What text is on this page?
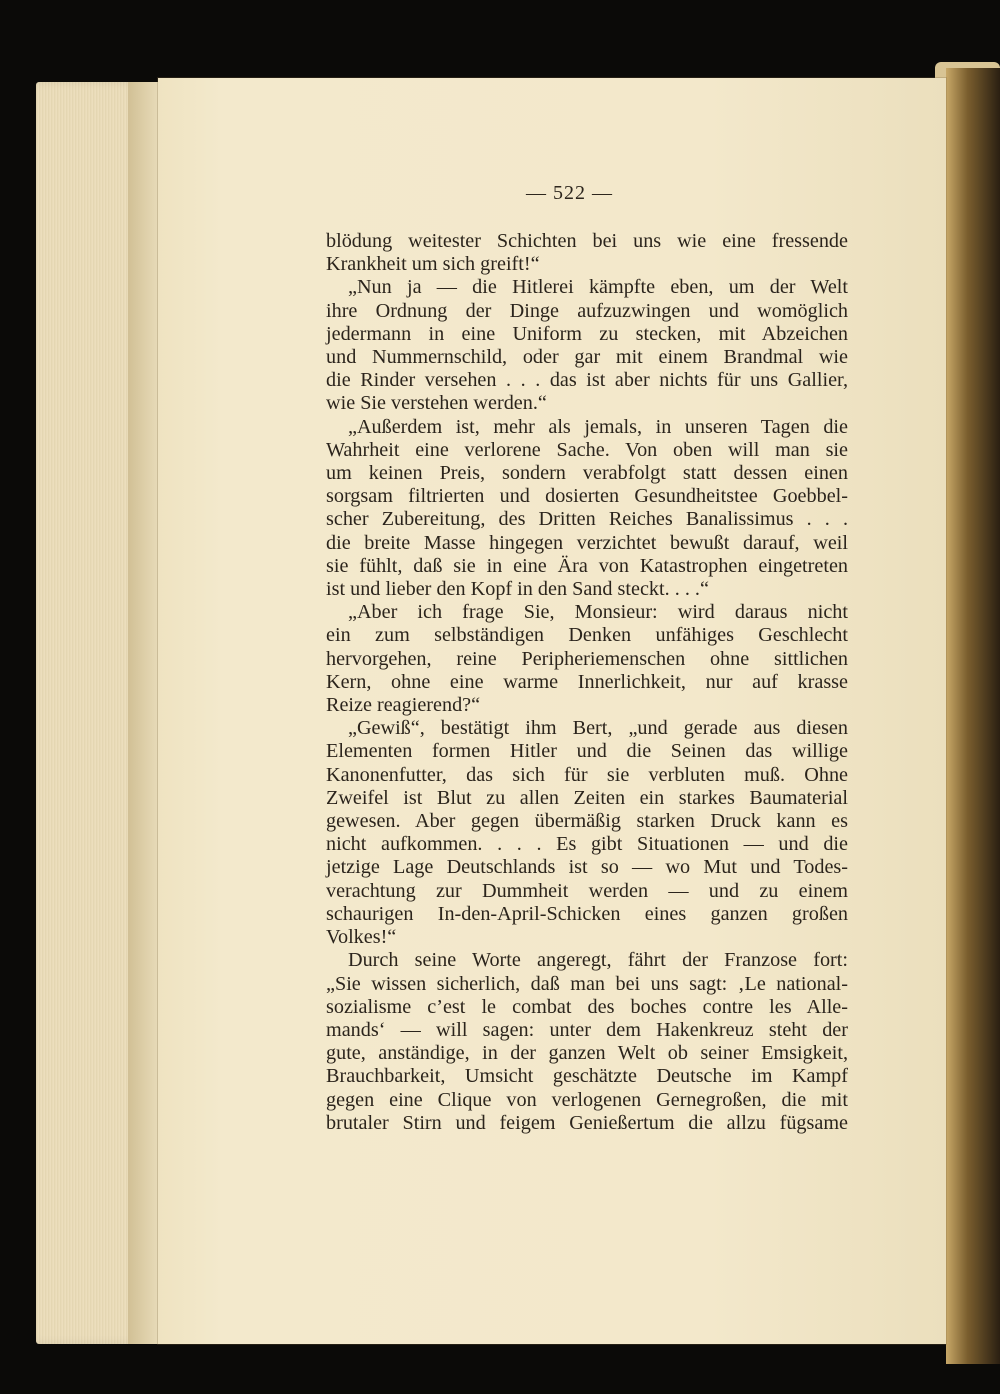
— 522 —
blödung weitester Schichten bei uns wie eine fressende
Krankheit um sich greift!“
„Nun ja — die Hitlerei kämpfte eben, um der Welt
ihre Ordnung der Dinge aufzuzwingen und womöglich
jedermann in eine Uniform zu stecken, mit Abzeichen
und Nummernschild, oder gar mit einem Brandmal wie
die Rinder versehen . . . das ist aber nichts für uns Gallier,
wie Sie verstehen werden.“
„Außerdem ist, mehr als jemals, in unseren Tagen die
Wahrheit eine verlorene Sache. Von oben will man sie
um keinen Preis, sondern verabfolgt statt dessen einen
sorgsam filtrierten und dosierten Gesundheitstee Goebbel-
scher Zubereitung, des Dritten Reiches Banalissimus . . .
die breite Masse hingegen verzichtet bewußt darauf, weil
sie fühlt, daß sie in eine Ära von Katastrophen eingetreten
ist und lieber den Kopf in den Sand steckt. . . .“
„Aber ich frage Sie, Monsieur: wird daraus nicht
ein zum selbständigen Denken unfähiges Geschlecht
hervorgehen, reine Peripheriemenschen ohne sittlichen
Kern, ohne eine warme Innerlichkeit, nur auf krasse
Reize reagierend?“
„Gewiß“, bestätigt ihm Bert, „und gerade aus diesen
Elementen formen Hitler und die Seinen das willige
Kanonenfutter, das sich für sie verbluten muß. Ohne
Zweifel ist Blut zu allen Zeiten ein starkes Baumaterial
gewesen. Aber gegen übermäßig starken Druck kann es
nicht aufkommen. . . . Es gibt Situationen — und die
jetzige Lage Deutschlands ist so — wo Mut und Todes-
verachtung zur Dummheit werden — und zu einem
schaurigen In-den-April-Schicken eines ganzen großen
Volkes!“
Durch seine Worte angeregt, fährt der Franzose fort:
„Sie wissen sicherlich, daß man bei uns sagt: ‚Le national-
sozialisme c’est le combat des boches contre les Alle-
mands‘ — will sagen: unter dem Hakenkreuz steht der
gute, anständige, in der ganzen Welt ob seiner Emsigkeit,
Brauchbarkeit, Umsicht geschätzte Deutsche im Kampf
gegen eine Clique von verlogenen Gernegroßen, die mit
brutaler Stirn und feigem Genießertum die allzu fügsame
